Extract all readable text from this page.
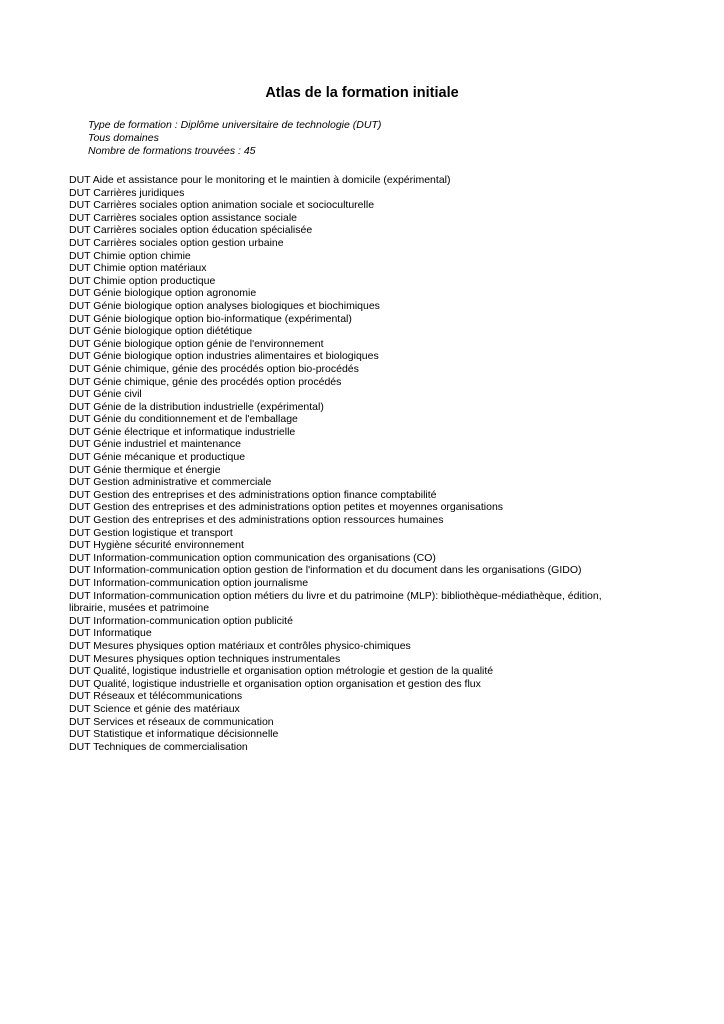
Atlas de la formation initiale
Type de formation : Diplôme universitaire de technologie (DUT)
Tous domaines
Nombre de formations trouvées : 45
DUT Aide et assistance pour le monitoring et le maintien à domicile (expérimental)
DUT Carrières juridiques
DUT Carrières sociales option animation sociale et socioculturelle
DUT Carrières sociales option assistance sociale
DUT Carrières sociales option éducation spécialisée
DUT Carrières sociales option gestion urbaine
DUT Chimie option chimie
DUT Chimie option matériaux
DUT Chimie option productique
DUT Génie biologique option agronomie
DUT Génie biologique option analyses biologiques et biochimiques
DUT Génie biologique option bio-informatique (expérimental)
DUT Génie biologique option diététique
DUT Génie biologique option génie de l'environnement
DUT Génie biologique option industries alimentaires et biologiques
DUT Génie chimique, génie des procédés option bio-procédés
DUT Génie chimique, génie des procédés option procédés
DUT Génie civil
DUT Génie de la distribution industrielle (expérimental)
DUT Génie du conditionnement et de l'emballage
DUT Génie électrique et informatique industrielle
DUT Génie industriel et maintenance
DUT Génie mécanique et productique
DUT Génie thermique et énergie
DUT Gestion administrative et commerciale
DUT Gestion des entreprises et des administrations option finance comptabilité
DUT Gestion des entreprises et des administrations option petites et moyennes organisations
DUT Gestion des entreprises et des administrations option ressources humaines
DUT Gestion logistique et transport
DUT Hygiène sécurité environnement
DUT Information-communication option communication des organisations (CO)
DUT Information-communication option gestion de l'information et du document dans les organisations (GIDO)
DUT Information-communication option journalisme
DUT Information-communication option métiers du livre et du patrimoine (MLP): bibliothèque-médiathèque, édition, librairie, musées et patrimoine
DUT Information-communication option publicité
DUT Informatique
DUT Mesures physiques option matériaux et contrôles physico-chimiques
DUT Mesures physiques option techniques instrumentales
DUT Qualité, logistique industrielle et organisation option métrologie et gestion de la qualité
DUT Qualité, logistique industrielle et organisation option organisation et gestion des flux
DUT Réseaux et télécommunications
DUT Science et génie des matériaux
DUT Services et réseaux de communication
DUT Statistique et informatique décisionnelle
DUT Techniques de commercialisation
